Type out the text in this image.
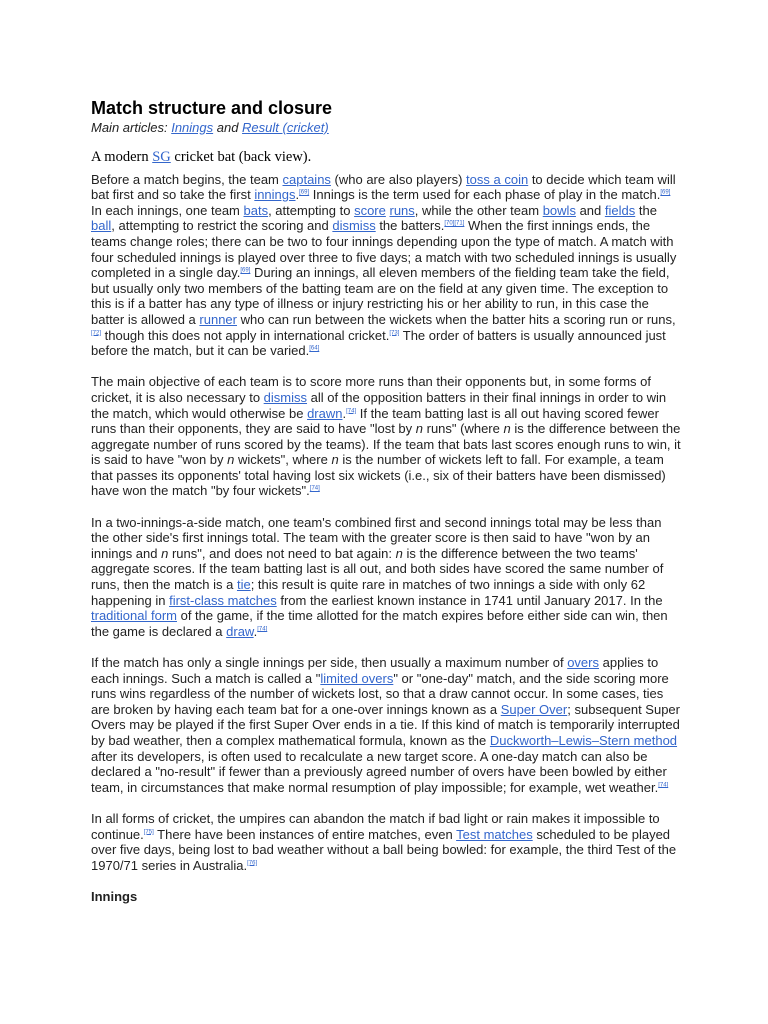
Match structure and closure

Main articles: Innings and Result (cricket)

A modern SG cricket bat (back view).

Before a match begins, the team captains (who are also players) toss a coin to decide which team will bat first and so take the first innings.[69] Innings is the term used for each phase of play in the match.[69] In each innings, one team bats, attempting to score runs, while the other team bowls and fields the ball, attempting to restrict the scoring and dismiss the batters.[70][71] When the first innings ends, the teams change roles; there can be two to four innings depending upon the type of match. A match with four scheduled innings is played over three to five days; a match with two scheduled innings is usually completed in a single day.[69] During an innings, all eleven members of the fielding team take the field, but usually only two members of the batting team are on the field at any given time. The exception to this is if a batter has any type of illness or injury restricting his or her ability to run, in this case the batter is allowed a runner who can run between the wickets when the batter hits a scoring run or runs,[72] though this does not apply in international cricket.[73] The order of batters is usually announced just before the match, but it can be varied.[64]

The main objective of each team is to score more runs than their opponents but, in some forms of cricket, it is also necessary to dismiss all of the opposition batters in their final innings in order to win the match, which would otherwise be drawn.[74] If the team batting last is all out having scored fewer runs than their opponents, they are said to have "lost by n runs" (where n is the difference between the aggregate number of runs scored by the teams). If the team that bats last scores enough runs to win, it is said to have "won by n wickets", where n is the number of wickets left to fall. For example, a team that passes its opponents' total having lost six wickets (i.e., six of their batters have been dismissed) have won the match "by four wickets".[74]

In a two-innings-a-side match, one team's combined first and second innings total may be less than the other side's first innings total. The team with the greater score is then said to have "won by an innings and n runs", and does not need to bat again: n is the difference between the two teams' aggregate scores. If the team batting last is all out, and both sides have scored the same number of runs, then the match is a tie; this result is quite rare in matches of two innings a side with only 62 happening in first-class matches from the earliest known instance in 1741 until January 2017. In the traditional form of the game, if the time allotted for the match expires before either side can win, then the game is declared a draw.[74]

If the match has only a single innings per side, then usually a maximum number of overs applies to each innings. Such a match is called a "limited overs" or "one-day" match, and the side scoring more runs wins regardless of the number of wickets lost, so that a draw cannot occur. In some cases, ties are broken by having each team bat for a one-over innings known as a Super Over; subsequent Super Overs may be played if the first Super Over ends in a tie. If this kind of match is temporarily interrupted by bad weather, then a complex mathematical formula, known as the Duckworth–Lewis–Stern method after its developers, is often used to recalculate a new target score. A one-day match can also be declared a "no-result" if fewer than a previously agreed number of overs have been bowled by either team, in circumstances that make normal resumption of play impossible; for example, wet weather.[74]

In all forms of cricket, the umpires can abandon the match if bad light or rain makes it impossible to continue.[75] There have been instances of entire matches, even Test matches scheduled to be played over five days, being lost to bad weather without a ball being bowled: for example, the third Test of the 1970/71 series in Australia.[76]

Innings
